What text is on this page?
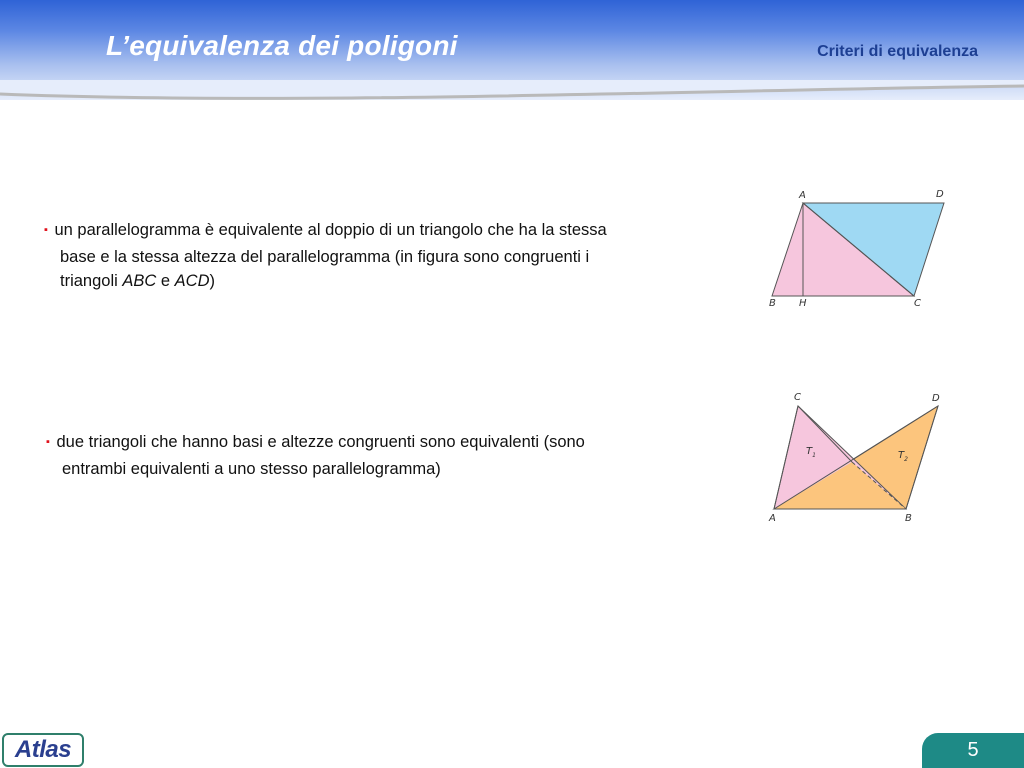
L’equivalenza dei poligoni	Criteri di equivalenza
▪ un parallelogramma è equivalente al doppio di un triangolo che ha la stessa
base e la stessa altezza del parallelogramma (in figura sono congruenti i
triangoli ABC e ACD)
▪ due triangoli che hanno basi e altezze congruenti sono equivalenti (sono
entrambi equivalenti a uno stesso parallelogramma)
A	D
B H	C
C	D
A	B
$T_1$	$T_2$
Atlas	5
